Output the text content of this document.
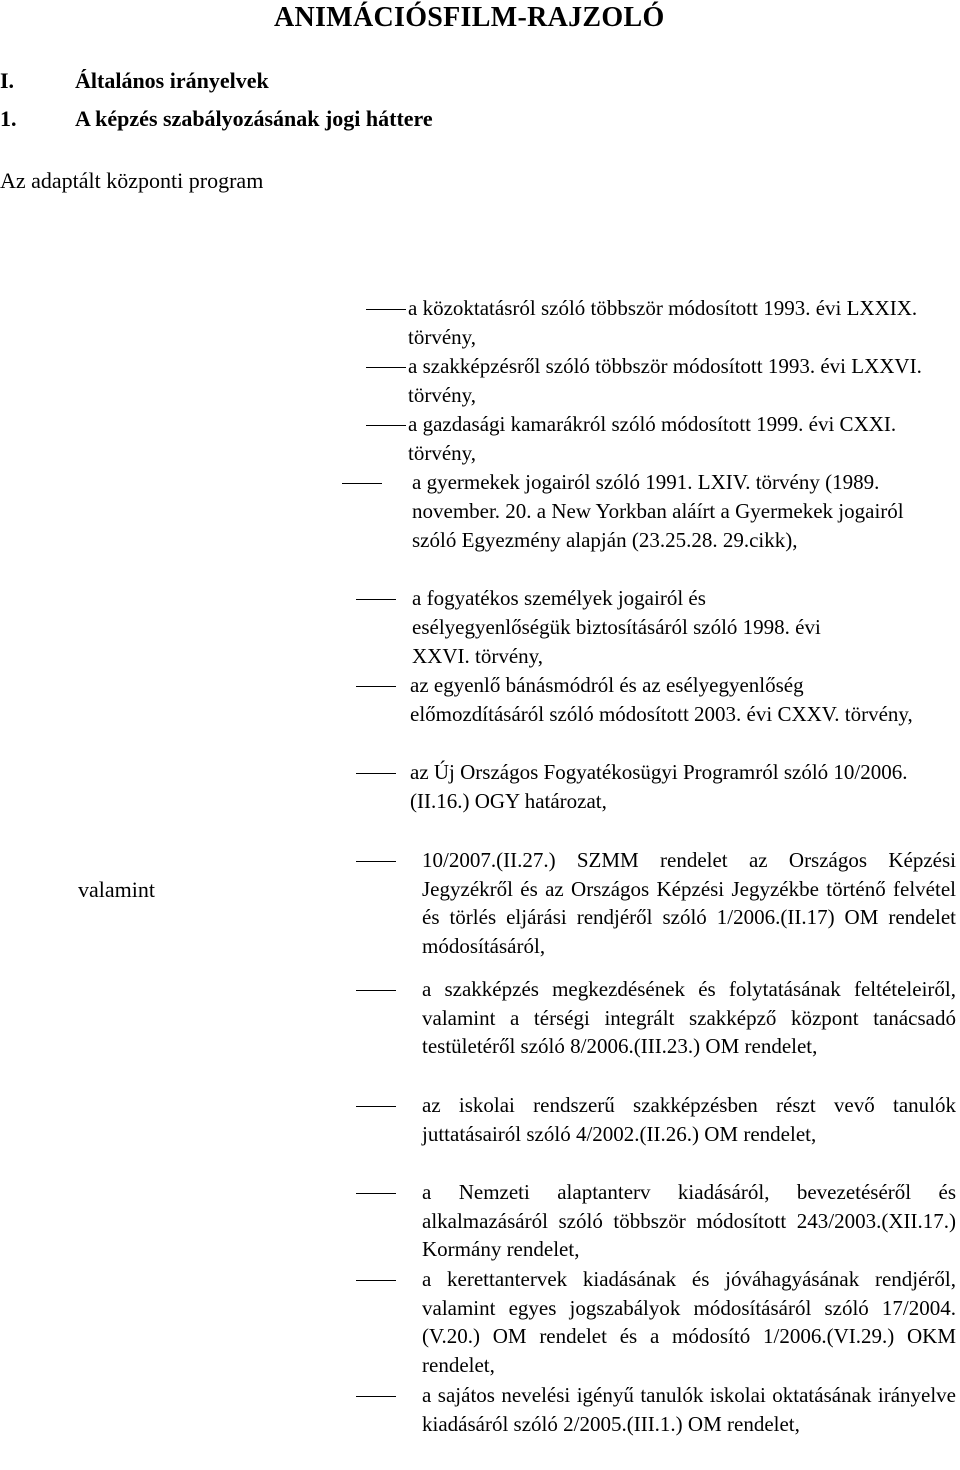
ANIMÁCIÓSFILM-RAJZOLÓ
I.	Általános irányelvek
1.	A képzés szabályozásának jogi háttere
Az adaptált központi program
valamint
a közoktatásról szóló többször módosított 1993. évi LXXIX. törvény,
a szakképzésről szóló többször módosított 1993. évi LXXVI. törvény,
a gazdasági kamarákról szóló módosított 1999. évi CXXI. törvény,
a gyermekek jogairól szóló 1991. LXIV. törvény (1989. november. 20. a New Yorkban aláírt a Gyermekek jogairól szóló Egyezmény alapján (23.25.28. 29.cikk),
a fogyatékos személyek jogairól és esélyegyenlőségük biztosításáról szóló 1998. évi XXVI. törvény,
az egyenlő bánásmódról és az esélyegyenlőség előmozdításáról szóló módosított 2003. évi CXXV. törvény,
az Új Országos Fogyatékosügyi Programról szóló 10/2006.(II.16.) OGY határozat,
10/2007.(II.27.) SZMM rendelet az Országos Képzési Jegyzékről és az Országos Képzési Jegyzékbe történő felvétel és törlés eljárási rendjéről szóló 1/2006.(II.17) OM rendelet módosításáról,
a szakképzés megkezdésének és folytatásának feltételeiről, valamint a térségi integrált szakképző központ tanácsadó testületéről szóló 8/2006.(III.23.) OM rendelet,
az iskolai rendszerű szakképzésben részt vevő tanulók juttatásairól szóló 4/2002.(II.26.) OM rendelet,
a Nemzeti alaptanterv kiadásáról, bevezetéséről és alkalmazásáról szóló többször módosított 243/2003.(XII.17.) Kormány rendelet,
a kerettantervek kiadásának és jóváhagyásának rendjéről, valamint egyes jogszabályok módosításáról szóló 17/2004.(V.20.) OM rendelet és a módosító 1/2006.(VI.29.) OKM rendelet,
a sajátos nevelési igényű tanulók iskolai oktatásának irányelve kiadásáról szóló 2/2005.(III.1.) OM rendelet,
